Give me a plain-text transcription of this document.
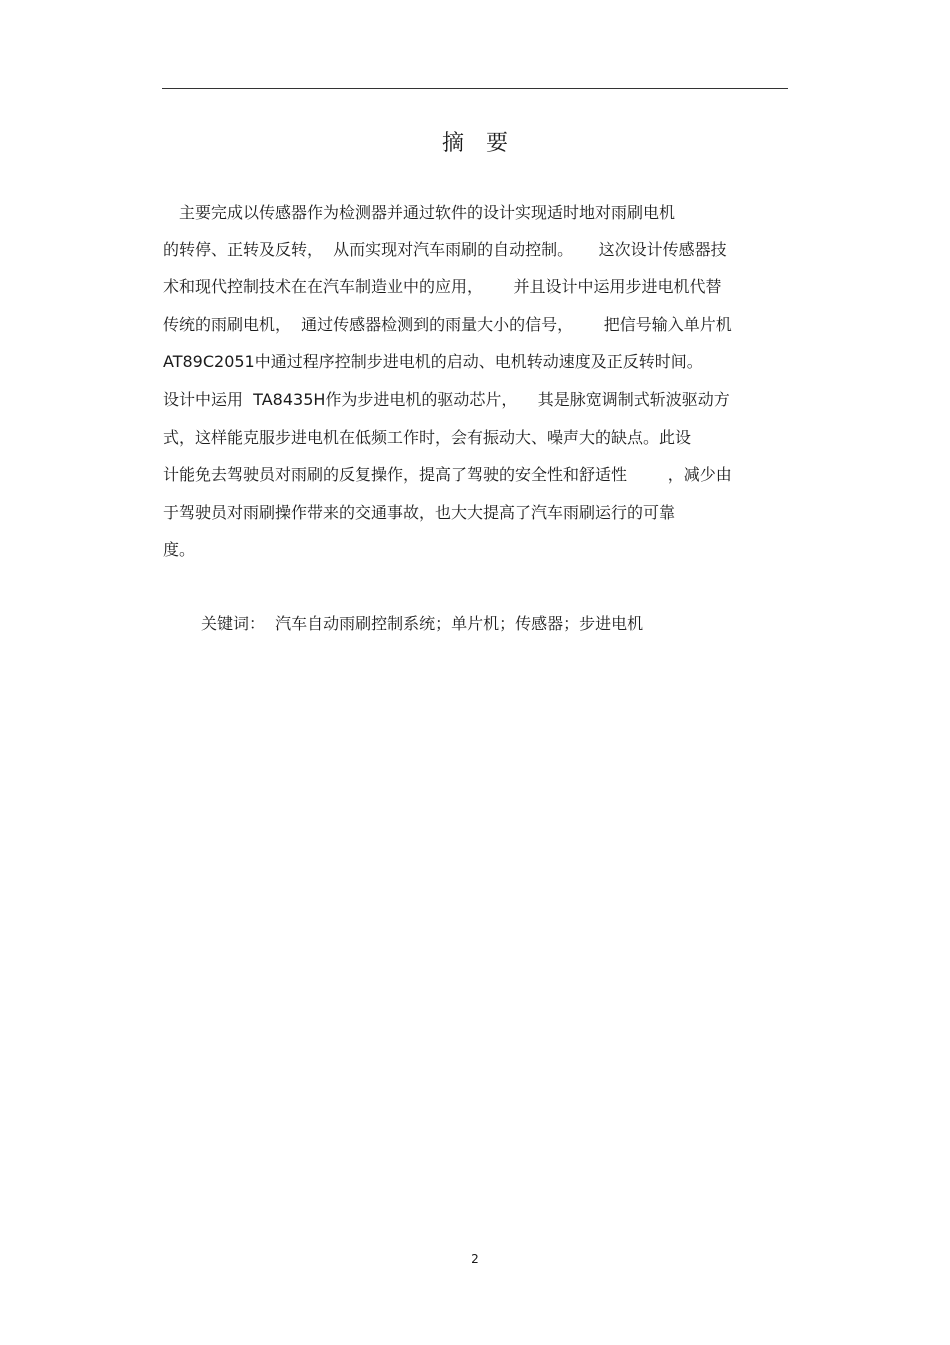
摘　要
　主要完成以传感器作为检测器并通过软件的设计实现适时地对雨刷电机
的转停、正转及反转，  从而实现对汽车雨刷的自动控制。     这次设计传感器技
术和现代控制技术在在汽车制造业中的应用，      并且设计中运用步进电机代替
传统的雨刷电机，  通过传感器检测到的雨量大小的信号，      把信号输入单片机
AT89C2051中通过程序控制步进电机的启动、电机转动速度及正反转时间。
设计中运用  TA8435H作为步进电机的驱动芯片，    其是脉宽调制式斩波驱动方
式，这样能克服步进电机在低频工作时，会有振动大、噪声大的缺点。此设
计能免去驾驶员对雨刷的反复操作，提高了驾驶的安全性和舒适性        ，减少由
于驾驶员对雨刷操作带来的交通事故，也大大提高了汽车雨刷运行的可靠
度。
关键词：  汽车自动雨刷控制系统；单片机；传感器；步进电机
2
